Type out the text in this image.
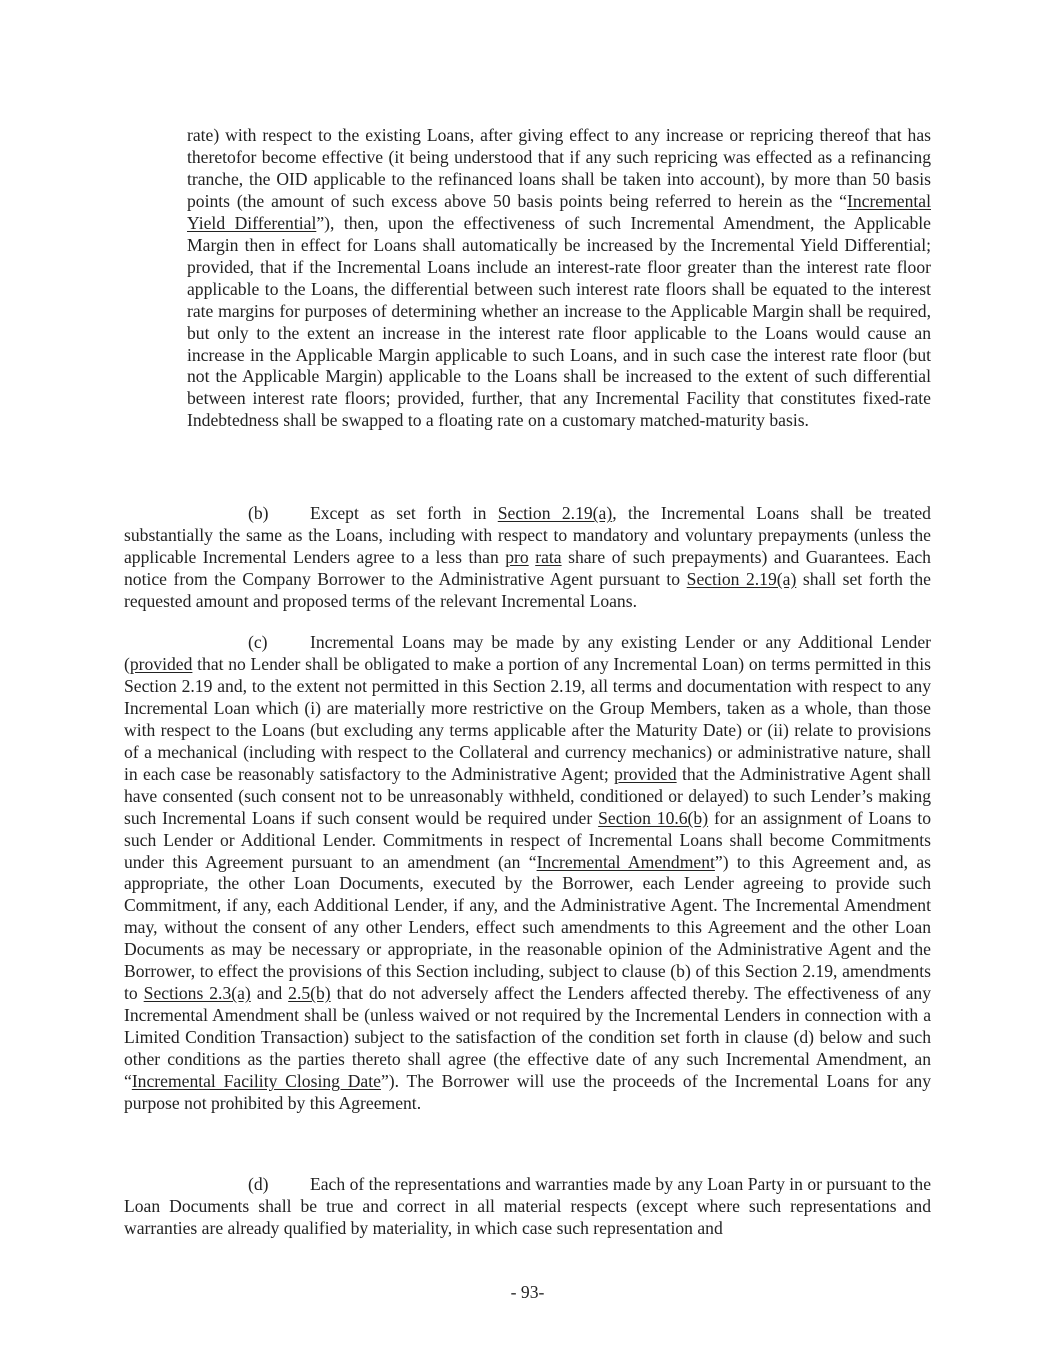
rate) with respect to the existing Loans, after giving effect to any increase or repricing thereof that has theretofor become effective (it being understood that if any such repricing was effected as a refinancing tranche, the OID applicable to the refinanced loans shall be taken into account), by more than 50 basis points (the amount of such excess above 50 basis points being referred to herein as the “Incremental Yield Differential”), then, upon the effectiveness of such Incremental Amendment, the Applicable Margin then in effect for Loans shall automatically be increased by the Incremental Yield Differential; provided, that if the Incremental Loans include an interest-rate floor greater than the interest rate floor applicable to the Loans, the differential between such interest rate floors shall be equated to the interest rate margins for purposes of determining whether an increase to the Applicable Margin shall be required, but only to the extent an increase in the interest rate floor applicable to the Loans would cause an increase in the Applicable Margin applicable to such Loans, and in such case the interest rate floor (but not the Applicable Margin) applicable to the Loans shall be increased to the extent of such differential between interest rate floors; provided, further, that any Incremental Facility that constitutes fixed-rate Indebtedness shall be swapped to a floating rate on a customary matched-maturity basis.

(b) Except as set forth in Section 2.19(a), the Incremental Loans shall be treated substantially the same as the Loans, including with respect to mandatory and voluntary prepayments (unless the applicable Incremental Lenders agree to a less than pro rata share of such prepayments) and Guarantees. Each notice from the Company Borrower to the Administrative Agent pursuant to Section 2.19(a) shall set forth the requested amount and proposed terms of the relevant Incremental Loans.

(c) Incremental Loans may be made by any existing Lender or any Additional Lender (provided that no Lender shall be obligated to make a portion of any Incremental Loan) on terms permitted in this Section 2.19 and, to the extent not permitted in this Section 2.19, all terms and documentation with respect to any Incremental Loan which (i) are materially more restrictive on the Group Members, taken as a whole, than those with respect to the Loans (but excluding any terms applicable after the Maturity Date) or (ii) relate to provisions of a mechanical (including with respect to the Collateral and currency mechanics) or administrative nature, shall in each case be reasonably satisfactory to the Administrative Agent; provided that the Administrative Agent shall have consented (such consent not to be unreasonably withheld, conditioned or delayed) to such Lender’s making such Incremental Loans if such consent would be required under Section 10.6(b) for an assignment of Loans to such Lender or Additional Lender. Commitments in respect of Incremental Loans shall become Commitments under this Agreement pursuant to an amendment (an “Incremental Amendment”) to this Agreement and, as appropriate, the other Loan Documents, executed by the Borrower, each Lender agreeing to provide such Commitment, if any, each Additional Lender, if any, and the Administrative Agent. The Incremental Amendment may, without the consent of any other Lenders, effect such amendments to this Agreement and the other Loan Documents as may be necessary or appropriate, in the reasonable opinion of the Administrative Agent and the Borrower, to effect the provisions of this Section including, subject to clause (b) of this Section 2.19, amendments to Sections 2.3(a) and 2.5(b) that do not adversely affect the Lenders affected thereby. The effectiveness of any Incremental Amendment shall be (unless waived or not required by the Incremental Lenders in connection with a Limited Condition Transaction) subject to the satisfaction of the condition set forth in clause (d) below and such other conditions as the parties thereto shall agree (the effective date of any such Incremental Amendment, an “Incremental Facility Closing Date”). The Borrower will use the proceeds of the Incremental Loans for any purpose not prohibited by this Agreement.

(d) Each of the representations and warranties made by any Loan Party in or pursuant to the Loan Documents shall be true and correct in all material respects (except where such representations and warranties are already qualified by materiality, in which case such representation and

- 93-
